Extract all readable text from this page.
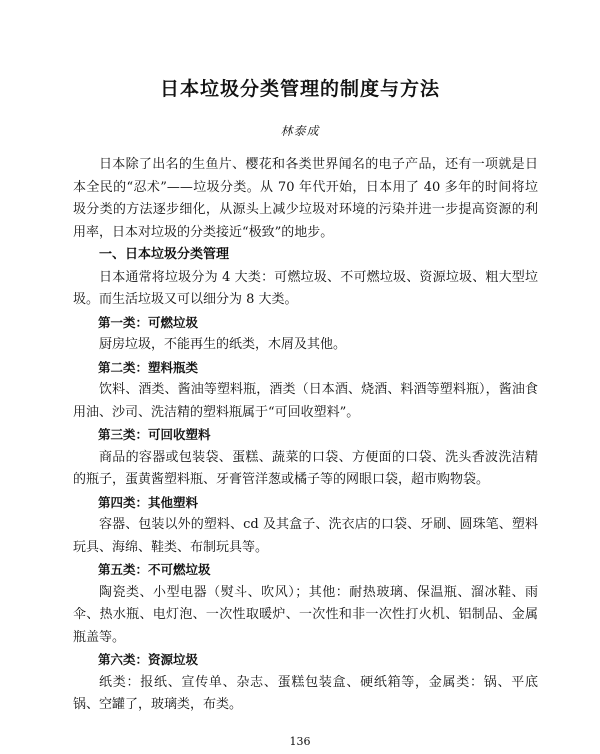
日本垃圾分类管理的制度与方法
林泰成

日本除了出名的生鱼片、樱花和各类世界闻名的电子产品，还有一项就是日本全民的“忍术”——垃圾分类。从 70 年代开始，日本用了 40 多年的时间将垃圾分类的方法逐步细化，从源头上减少垃圾对环境的污染并进一步提高资源的利用率，日本对垃圾的分类接近“极致”的地步。

一、日本垃圾分类管理

日本通常将垃圾分为 4 大类：可燃垃圾、不可燃垃圾、资源垃圾、粗大型垃圾。而生活垃圾又可以细分为 8 大类。

第一类：可燃垃圾

厨房垃圾，不能再生的纸类，木屑及其他。

第二类：塑料瓶类

饮料、酒类、酱油等塑料瓶，酒类（日本酒、烧酒、料酒等塑料瓶），酱油食用油、沙司、洗洁精的塑料瓶属于“可回收塑料”。

第三类：可回收塑料

商品的容器或包装袋、蛋糕、蔬菜的口袋、方便面的口袋、洗头香波洗洁精的瓶子，蛋黄酱塑料瓶、牙膏管洋葱或橘子等的网眼口袋，超市购物袋。

第四类：其他塑料

容器、包装以外的塑料、cd 及其盒子、洗衣店的口袋、牙刷、圆珠笔、塑料玩具、海绵、鞋类、布制玩具等。

第五类：不可燃垃圾

陶瓷类、小型电器（熨斗、吹风）；其他：耐热玻璃、保温瓶、溜冰鞋、雨伞、热水瓶、电灯泡、一次性取暖炉、一次性和非一次性打火机、铝制品、金属瓶盖等。

第六类：资源垃圾

纸类：报纸、宣传单、杂志、蛋糕包装盒、硬纸箱等，金属类：锅、平底锅、空罐了，玻璃类，布类。

136
